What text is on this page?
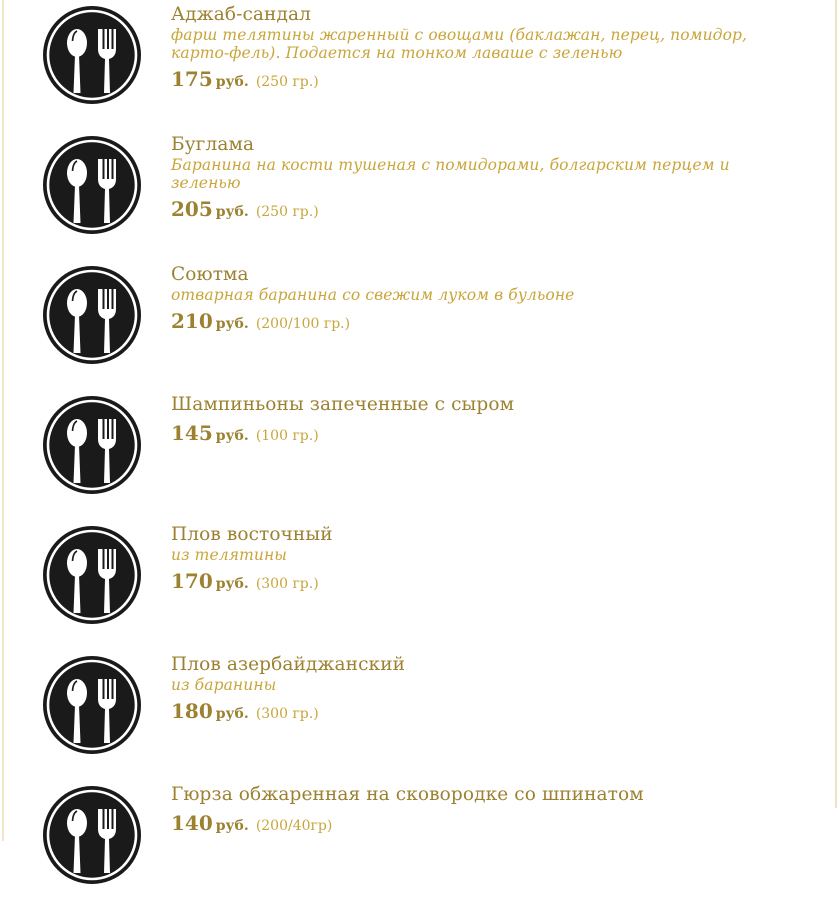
Аджаб-сандал
фарш телятины жаренный с овощами (баклажан, перец, помидор, карто-фель). Подается на тонком лаваше с зеленью
175 руб. (250 гр.)
Буглама
Баранина на кости тушеная с помидорами, болгарским перцем и зеленью
205 руб. (250 гр.)
Соютма
отварная баранина со свежим луком в бульоне
210 руб. (200/100 гр.)
Шампиньоны запеченные с сыром
145 руб. (100 гр.)
Плов восточный
из телятины
170 руб. (300 гр.)
Плов азербайджанский
из баранины
180 руб. (300 гр.)
Гюрза обжаренная на сковородке со шпинатом
140 руб. (200/40гр)
